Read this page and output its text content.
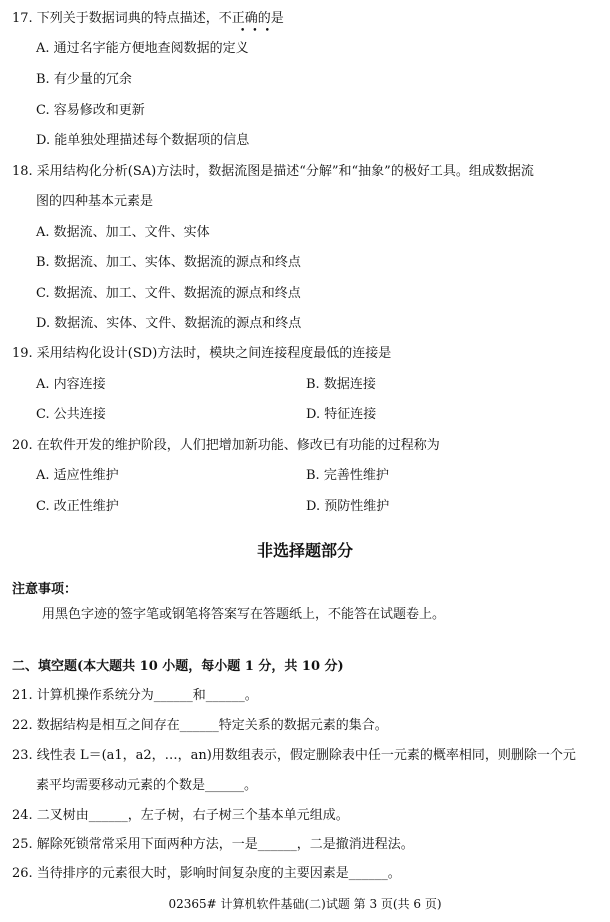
17. 下列关于数据词典的特点描述，不正确的是
•••
A. 通过名字能方便地查阅数据的定义
B. 有少量的冗余
C. 容易修改和更新
D. 能单独处理描述每个数据项的信息
18. 采用结构化分析(SA)方法时，数据流图是描述“分解”和“抽象”的极好工具。组成数据流
图的四种基本元素是
A. 数据流、加工、文件、实体
B. 数据流、加工、实体、数据流的源点和终点
C. 数据流、加工、文件、数据流的源点和终点
D. 数据流、实体、文件、数据流的源点和终点
19. 采用结构化设计(SD)方法时，模块之间连接程度最低的连接是
A. 内容连接	B. 数据连接
C. 公共连接	D. 特征连接
20. 在软件开发的维护阶段，人们把增加新功能、修改已有功能的过程称为
A. 适应性维护	B. 完善性维护
C. 改正性维护	D. 预防性维护
非选择题部分
注意事项：
用黑色字迹的签字笔或钢笔将答案写在答题纸上，不能答在试题卷上。
二、填空题(本大题共 10 小题，每小题 1 分，共 10 分)
21. 计算机操作系统分为______和______。
22. 数据结构是相互之间存在______特定关系的数据元素的集合。
23. 线性表 L＝(a1，a2，…，an)用数组表示，假定删除表中任一元素的概率相同，则删除一个元
素平均需要移动元素的个数是______。
24. 二叉树由______，左子树，右子树三个基本单元组成。
25. 解除死锁常常采用下面两种方法，一是______，二是撤消进程法。
26. 当待排序的元素很大时，影响时间复杂度的主要因素是______。
02365# 计算机软件基础(二)试题 第 3 页(共 6 页)
